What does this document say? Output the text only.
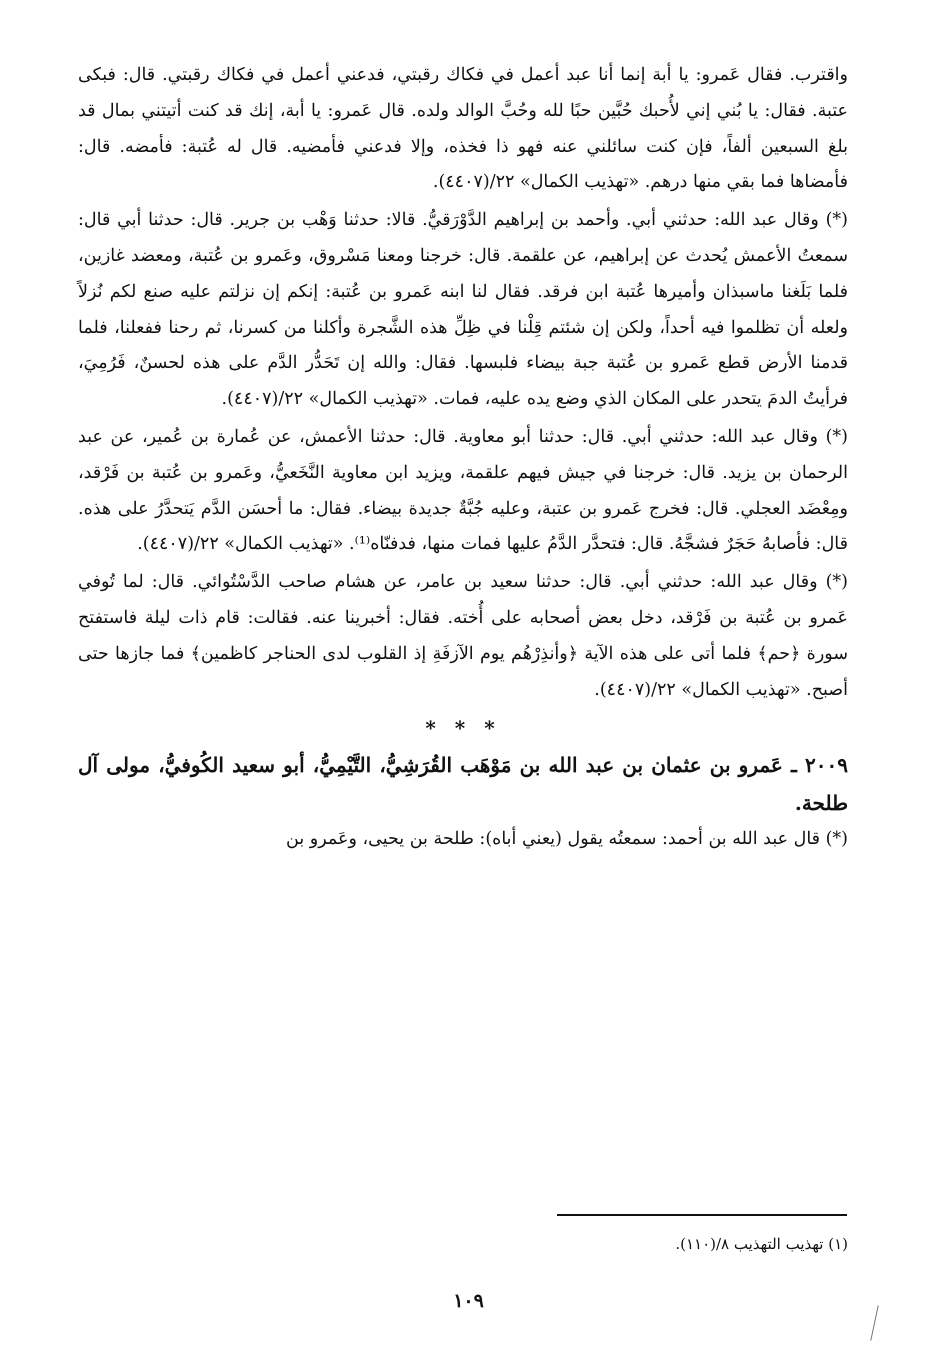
واقترب. فقال عَمرو: يا أبة إنما أنا عبد أعمل في فكاك رقبتي، فدعني أعمل في فكاك رقبتي. قال: فبكى عتبة. فقال: يا بُني إني لأُحبك حُبَّين حبًا لله وحُبَّ الوالد ولده. قال عَمرو: يا أبة، إنك قد كنت أتيتني بمال قد بلغ السبعين ألفاً، فإن كنت سائلني عنه فهو ذا فخذه، وإلا فدعني فأمضيه. قال له عُتبة: فأمضه. قال: فأمضاها فما بقي منها درهم. «تهذيب الكمال» ٢٢/(٤٤٠٧).

(*) وقال عبد الله: حدثني أبي. وأحمد بن إبراهيم الدَّوْرَقيُّ. قالا: حدثنا وَهْب بن جرير. قال: حدثنا أبي قال: سمعتُ الأعمش يُحدث عن إبراهيم، عن علقمة. قال: خرجنا ومعنا مَسْروق، وعَمرو بن عُتبة، ومعضد غازين، فلما بَلَغنا ماسبذان وأميرها عُتبة ابن فرقد. فقال لنا ابنه عَمرو بن عُتبة: إنكم إن نزلتم عليه صنع لكم نُزلاً ولعله أن تظلموا فيه أحداً، ولكن إن شئتم قِلْنا في ظِلِّ هذه الشَّجرة وأكلنا من كسرنا، ثم رحنا ففعلنا، فلما قدمنا الأرض قطع عَمرو بن عُتبة جبة بيضاء فلبسها. فقال: والله إن تَحَدُّر الدَّم على هذه لحسنٌ، فَرُمِيَ، فرأيتُ الدمَ يتحدر على المكان الذي وضع يده عليه، فمات. «تهذيب الكمال» ٢٢/(٤٤٠٧).

(*) وقال عبد الله: حدثني أبي. قال: حدثنا أبو معاوية. قال: حدثنا الأعمش، عن عُمارة بن عُمير، عن عبد الرحمان بن يزيد. قال: خرجنا في جيش فيهم علقمة، ويزيد ابن معاوية النَّخَعيُّ، وعَمرو بن عُتبة بن فَرْقد، ومِعْضَد العجلي. قال: فخرج عَمرو بن عتبة، وعليه جُبَّةٌ جديدة بيضاء. فقال: ما أحسَن الدَّم يَتحدَّرُ على هذه. قال: فأصابهُ حَجَرٌ فشجَّهُ. قال: فتحدَّر الدَّمُ عليها فمات منها، فدفنّاه⁽¹⁾. «تهذيب الكمال» ٢٢/(٤٤٠٧).

(*) وقال عبد الله: حدثني أبي. قال: حدثنا سعيد بن عامر، عن هشام صاحب الدَّسْتُوائي. قال: لما تُوفي عَمرو بن عُتبة بن فَرْقد، دخل بعض أصحابه على أُخته. فقال: أخبرينا عنه. فقالت: قام ذات ليلة فاستفتح سورة ﴿حم﴾ فلما أتى على هذه الآية ﴿وأنذِرْهُم يوم الآزفَةِ إذ القلوب لدى الحناجر كاظمين﴾ فما جازها حتى أصبح. «تهذيب الكمال» ٢٢/(٤٤٠٧).

* * *

٢٠٠٩ ـ عَمرو بن عثمان بن عبد الله بن مَوْهَب القُرَشِيُّ، التَّيْمِيُّ، أبو سعيد الكُوفيُّ، مولى آل طلحة.

(*) قال عبد الله بن أحمد: سمعتُه يقول (يعني أباه): طلحة بن يحيى، وعَمرو بن

(١) تهذيب التهذيب ٨/(١١٠).
١٠٩
